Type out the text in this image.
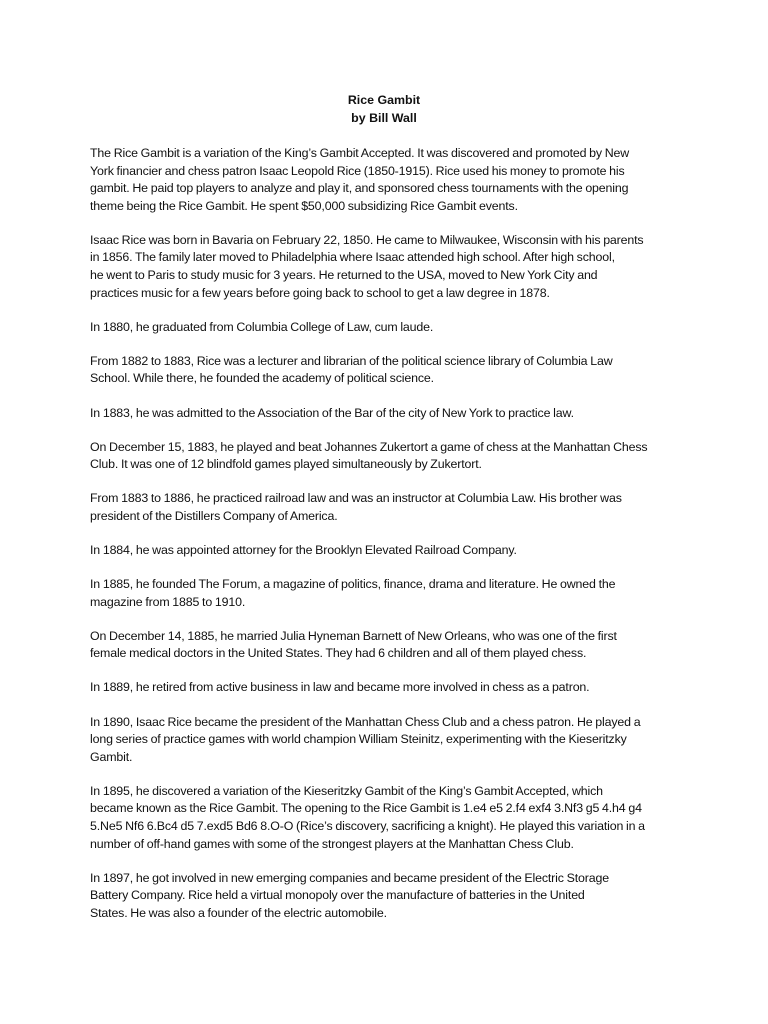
Rice Gambit
by Bill Wall

The Rice Gambit is a variation of the King’s Gambit Accepted. It was discovered and promoted by New
York financier and chess patron Isaac Leopold Rice (1850-1915). Rice used his money to promote his
gambit. He paid top players to analyze and play it, and sponsored chess tournaments with the opening
theme being the Rice Gambit. He spent $50,000 subsidizing Rice Gambit events.

Isaac Rice was born in Bavaria on February 22, 1850. He came to Milwaukee, Wisconsin with his parents
in 1856. The family later moved to Philadelphia where Isaac attended high school. After high school,
he went to Paris to study music for 3 years. He returned to the USA, moved to New York City and
practices music for a few years before going back to school to get a law degree in 1878.

In 1880, he graduated from Columbia College of Law, cum laude.

From 1882 to 1883, Rice was a lecturer and librarian of the political science library of Columbia Law
School. While there, he founded the academy of political science.

In 1883, he was admitted to the Association of the Bar of the city of New York to practice law.

On December 15, 1883, he played and beat Johannes Zukertort a game of chess at the Manhattan Chess
Club. It was one of 12 blindfold games played simultaneously by Zukertort.

From 1883 to 1886, he practiced railroad law and was an instructor at Columbia Law. His brother was
president of the Distillers Company of America.

In 1884, he was appointed attorney for the Brooklyn Elevated Railroad Company.

In 1885, he founded The Forum, a magazine of politics, finance, drama and literature. He owned the
magazine from 1885 to 1910.

On December 14, 1885, he married Julia Hyneman Barnett of New Orleans, who was one of the first
female medical doctors in the United States. They had 6 children and all of them played chess.

In 1889, he retired from active business in law and became more involved in chess as a patron.

In 1890, Isaac Rice became the president of the Manhattan Chess Club and a chess patron. He played a
long series of practice games with world champion William Steinitz, experimenting with the Kieseritzky
Gambit.

In 1895, he discovered a variation of the Kieseritzky Gambit of the King’s Gambit Accepted, which
became known as the Rice Gambit. The opening to the Rice Gambit is 1.e4 e5 2.f4 exf4 3.Nf3 g5 4.h4 g4
5.Ne5 Nf6 6.Bc4 d5 7.exd5 Bd6 8.O-O (Rice’s discovery, sacrificing a knight). He played this variation in a
number of off-hand games with some of the strongest players at the Manhattan Chess Club.

In 1897, he got involved in new emerging companies and became president of the Electric Storage
Battery Company. Rice held a virtual monopoly over the manufacture of batteries in the United
States. He was also a founder of the electric automobile.
